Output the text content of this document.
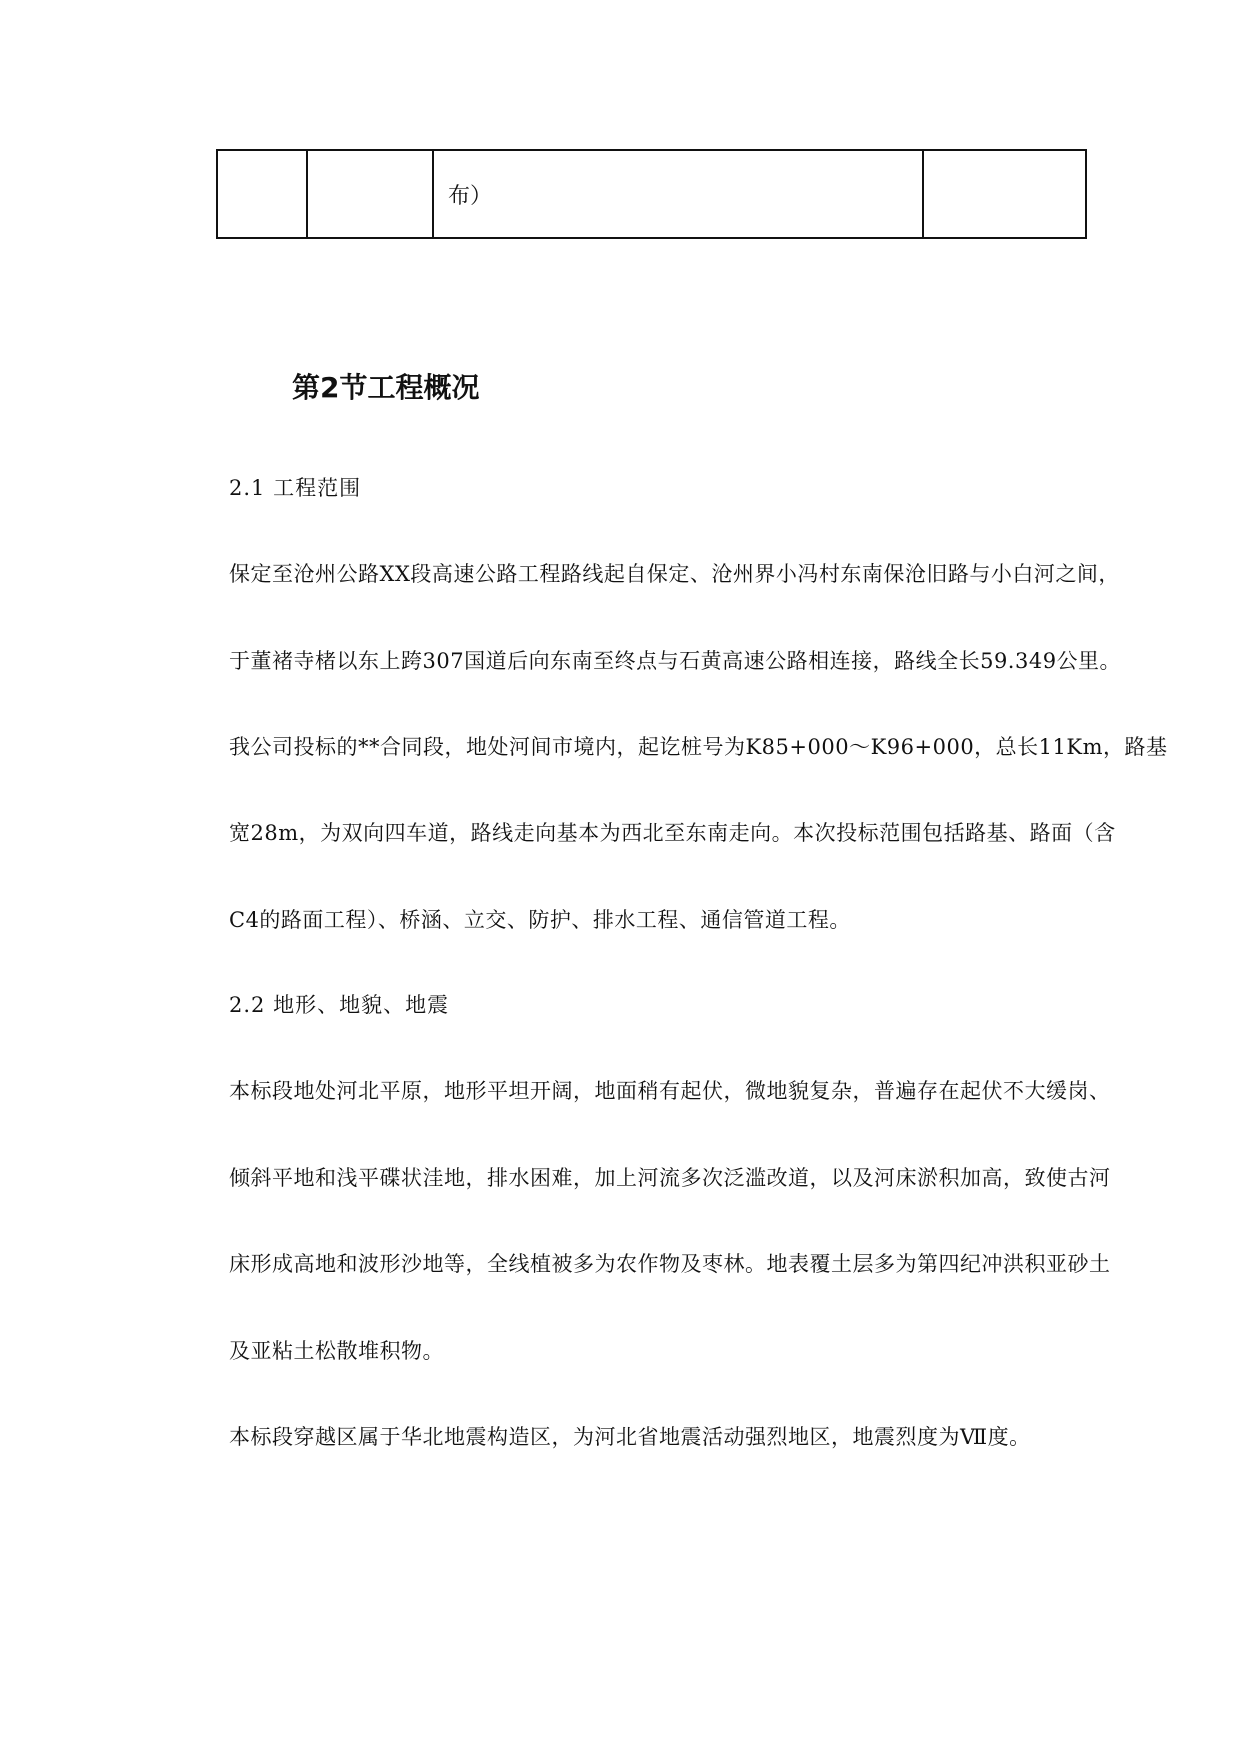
		布）	
第2节工程概况
2.1 工程范围
保定至沧州公路XX段高速公路工程路线起自保定、沧州界小冯村东南保沧旧路与小白河之间，
于董褚寺楮以东上跨307国道后向东南至终点与石黄高速公路相连接，路线全长59.349公里。
我公司投标的**合同段，地处河间市境内，起讫桩号为K85+000～K96+000，总长11Km，路基
宽28m，为双向四车道，路线走向基本为西北至东南走向。本次投标范围包括路基、路面（含
C4的路面工程）、桥涵、立交、防护、排水工程、通信管道工程。
2.2 地形、地貌、地震
本标段地处河北平原，地形平坦开阔，地面稍有起伏，微地貌复杂，普遍存在起伏不大缓岗、
倾斜平地和浅平碟状洼地，排水困难，加上河流多次泛滥改道，以及河床淤积加高，致使古河
床形成高地和波形沙地等，全线植被多为农作物及枣林。地表覆土层多为第四纪冲洪积亚砂土
及亚粘土松散堆积物。
本标段穿越区属于华北地震构造区，为河北省地震活动强烈地区，地震烈度为Ⅶ度。
